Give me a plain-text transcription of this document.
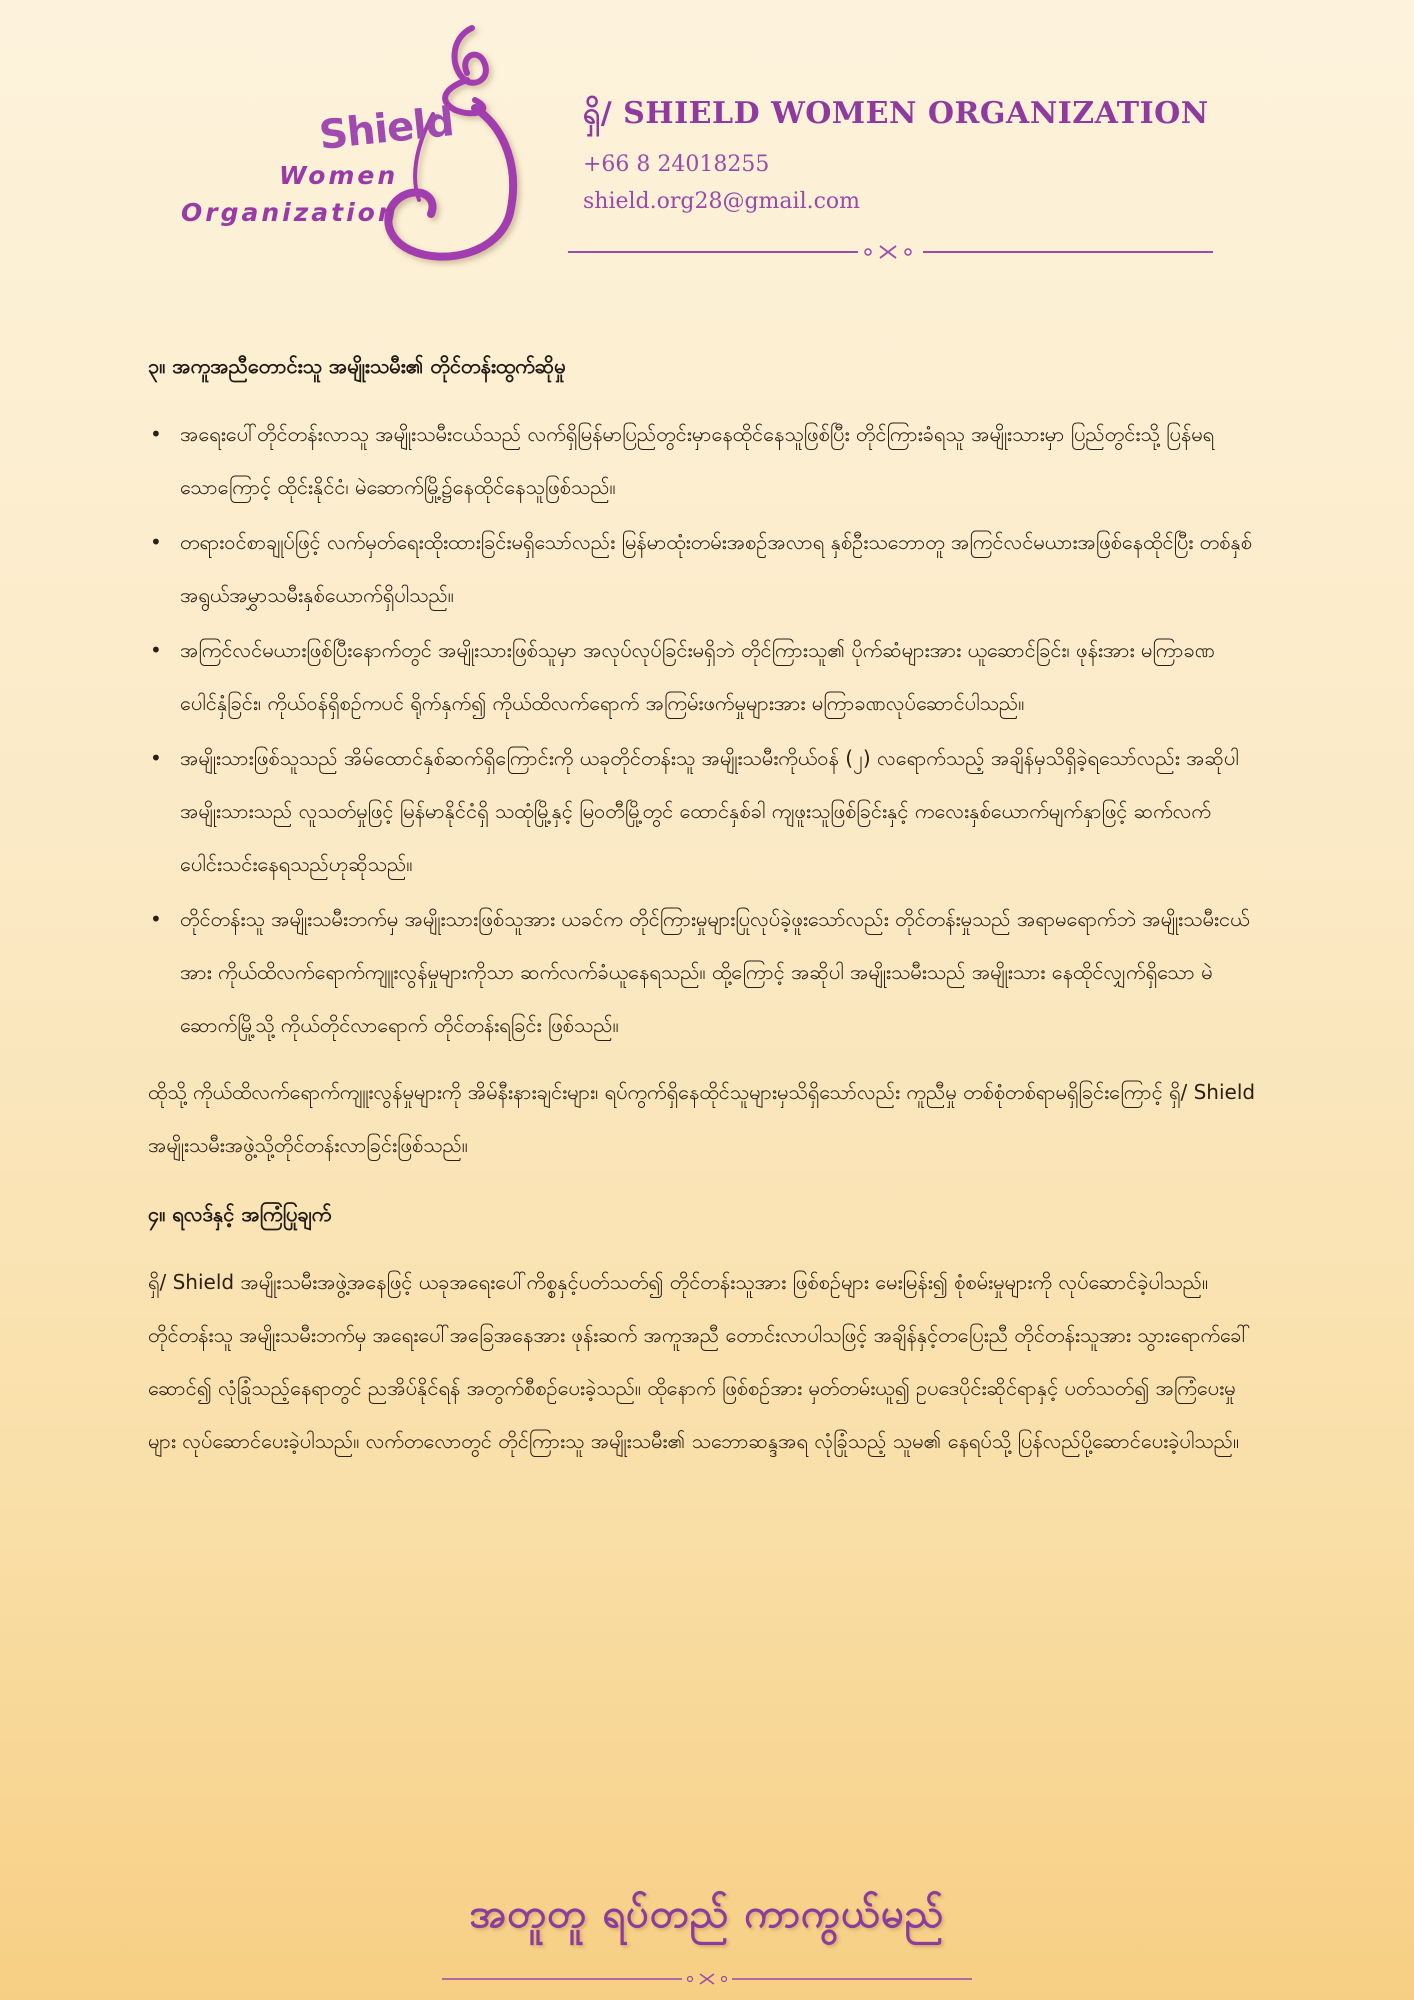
Shield
Women
Organization
ရှိ/ SHIELD WOMEN ORGANIZATION
+66 8 24018255
shield.org28@gmail.com
၃။ အကူအညီတောင်းသူ အမျိုးသမီး၏ တိုင်တန်းထွက်ဆိုမှု
• အရေးပေါ်တိုင်တန်းလာသူ အမျိုးသမီးငယ်သည် လက်ရှိမြန်မာပြည်တွင်းမှာနေထိုင်နေသူဖြစ်ပြီး တိုင်ကြားခံရသူ အမျိုးသားမှာ ပြည်တွင်းသို့ ပြန်မရသောကြောင့် ထိုင်းနိုင်ငံ၊ မဲဆောက်မြို့၌နေထိုင်နေသူဖြစ်သည်။
• တရားဝင်စာချုပ်ဖြင့် လက်မှတ်ရေးထိုးထားခြင်းမရှိသော်လည်း မြန်မာထုံးတမ်းအစဉ်အလာရ နှစ်ဦးသဘောတူ အကြင်လင်မယားအဖြစ်နေထိုင်ပြီး တစ်နှစ်အရွယ်အမွှာသမီးနှစ်ယောက်ရှိပါသည်။
• အကြင်လင်မယားဖြစ်ပြီးနောက်တွင် အမျိုးသားဖြစ်သူမှာ အလုပ်လုပ်ခြင်းမရှိဘဲ တိုင်ကြားသူ၏ ပိုက်ဆံများအား ယူဆောင်ခြင်း၊ ဖုန်းအား မကြာခဏပေါင်နှံခြင်း၊ ကိုယ်ဝန်ရှိစဉ်ကပင် ရိုက်နှက်၍ ကိုယ်ထိလက်ရောက် အကြမ်းဖက်မှုများအား မကြာခဏလုပ်ဆောင်ပါသည်။
• အမျိုးသားဖြစ်သူသည် အိမ်ထောင်နှစ်ဆက်ရှိကြောင်းကို ယခုတိုင်တန်းသူ အမျိုးသမီးကိုယ်ဝန် (၂) လရောက်သည့် အချိန်မှသိရှိခဲ့ရသော်လည်း အဆိုပါ အမျိုးသားသည် လူသတ်မှုဖြင့် မြန်မာနိုင်ငံရှိ သထုံမြို့နှင့် မြဝတီမြို့တွင် ထောင်နှစ်ခါ ကျဖူးသူဖြစ်ခြင်းနှင့် ကလေးနှစ်ယောက်မျက်နှာဖြင့် ဆက်လက်ပေါင်းသင်းနေရသည်ဟုဆိုသည်။
• တိုင်တန်းသူ အမျိုးသမီးဘက်မှ အမျိုးသားဖြစ်သူအား ယခင်က တိုင်ကြားမှုများပြုလုပ်ခဲ့ဖူးသော်လည်း တိုင်တန်းမှုသည် အရာမရောက်ဘဲ အမျိုးသမီးငယ်အား ကိုယ်ထိလက်ရောက်ကျူးလွန်မှုများကိုသာ ဆက်လက်ခံယူနေရသည်။ ထို့ကြောင့် အဆိုပါ အမျိုးသမီးသည် အမျိုးသား နေထိုင်လျှက်ရှိသော မဲဆောက်မြို့သို့ ကိုယ်တိုင်လာရောက် တိုင်တန်းရခြင်း ဖြစ်သည်။

ထိုသို့ ကိုယ်ထိလက်ရောက်ကျူးလွန်မှုများကို အိမ်နီးနားချင်းများ၊ ရပ်ကွက်ရှိနေထိုင်သူများမှသိရှိသော်လည်း ကူညီမှု တစ်စုံတစ်ရာမရှိခြင်းကြောင့် ရှိ/ Shield အမျိုးသမီးအဖွဲ့သို့တိုင်တန်းလာခြင်းဖြစ်သည်။

၄။ ရလဒ်နှင့် အကြံပြုချက်

ရှိ/ Shield အမျိုးသမီးအဖွဲ့အနေဖြင့် ယခုအရေးပေါ်ကိစ္စနှင့်ပတ်သတ်၍ တိုင်တန်းသူအား ဖြစ်စဉ်များ မေးမြန်း၍ စုံစမ်းမှုများကို လုပ်ဆောင်ခဲ့ပါသည်။ တိုင်တန်းသူ အမျိုးသမီးဘက်မှ အရေးပေါ်အခြေအနေအား ဖုန်းဆက် အကူအညီ တောင်းလာပါသဖြင့် အချိန်နှင့်တပြေးညီ တိုင်တန်းသူအား သွားရောက်ခေါ်ဆောင်၍ လုံခြုံသည့်နေရာတွင် ညအိပ်နိုင်ရန် အတွက်စီစဉ်ပေးခဲ့သည်။ ထိုနောက် ဖြစ်စဉ်အား မှတ်တမ်းယူ၍ ဥပဒေပိုင်းဆိုင်ရာနှင့် ပတ်သတ်၍ အကြံပေးမှုများ လုပ်ဆောင်ပေးခဲ့ပါသည်။ လက်တလောတွင် တိုင်ကြားသူ အမျိုးသမီး၏ သဘောဆန္ဒအရ လုံခြုံသည့် သူမ၏ နေရပ်သို့ ပြန်လည်ပို့ဆောင်ပေးခဲ့ပါသည်။

အတူတူ ရပ်တည် ကာကွယ်မည်
